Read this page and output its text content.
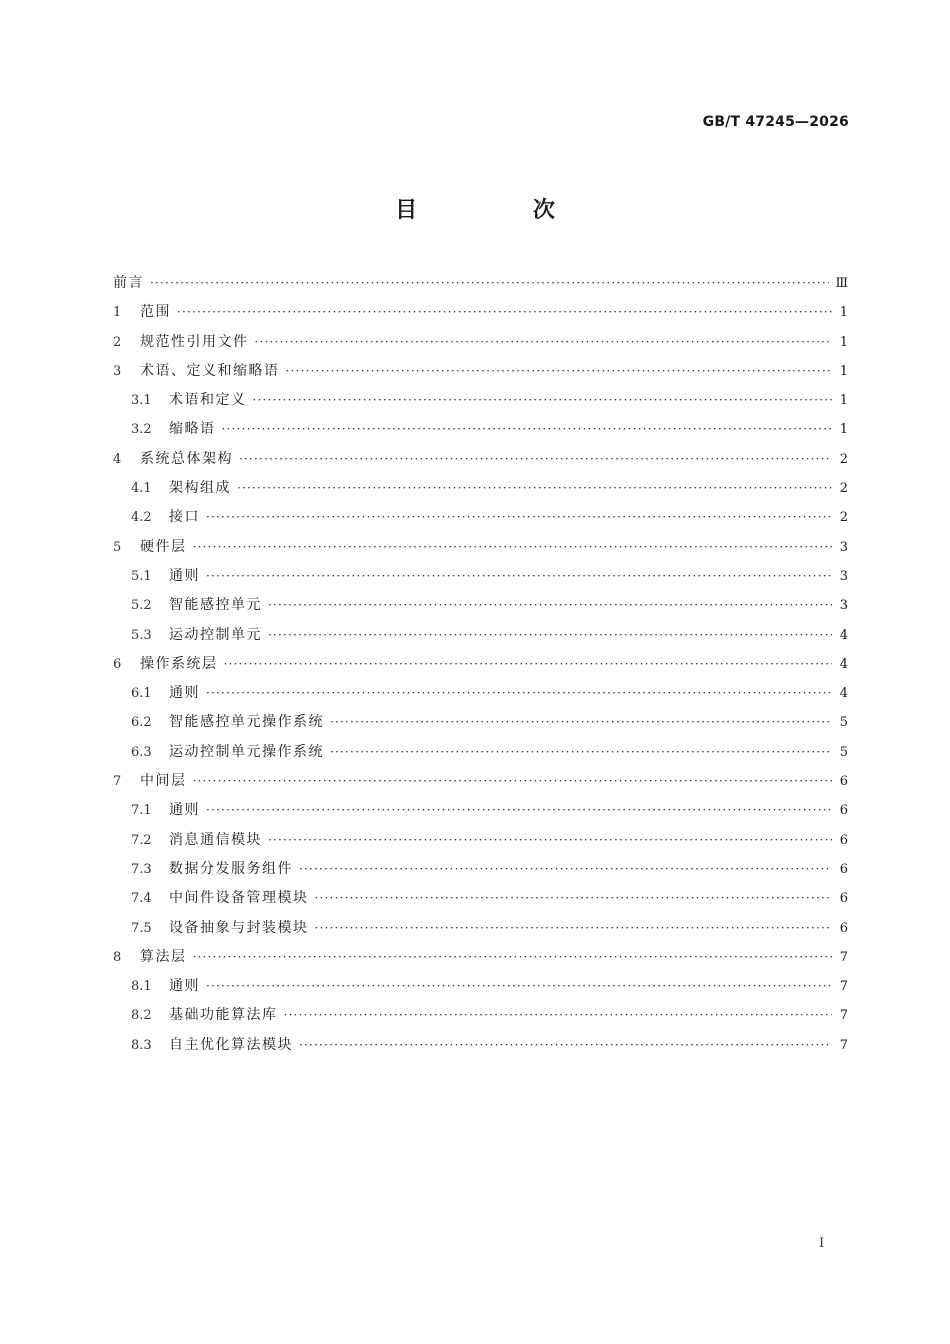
GB/T 47245—2026
目 次
前言 ·····	Ⅲ
1	范围 ·····	1
2	规范性引用文件 ·····	1
3	术语、定义和缩略语 ·····	1
3.1	术语和定义 ·····	1
3.2	缩略语 ·····	1
4	系统总体架构 ·····	2
4.1	架构组成 ·····	2
4.2	接口 ·····	2
5	硬件层 ·····	3
5.1	通则 ·····	3
5.2	智能感控单元 ·····	3
5.3	运动控制单元 ·····	4
6	操作系统层 ·····	4
6.1	通则 ·····	4
6.2	智能感控单元操作系统 ·····	5
6.3	运动控制单元操作系统 ·····	5
7	中间层 ·····	6
7.1	通则 ·····	6
7.2	消息通信模块 ·····	6
7.3	数据分发服务组件 ·····	6
7.4	中间件设备管理模块 ·····	6
7.5	设备抽象与封装模块 ·····	6
8	算法层 ·····	7
8.1	通则 ·····	7
8.2	基础功能算法库 ·····	7
8.3	自主优化算法模块 ·····	7
I
